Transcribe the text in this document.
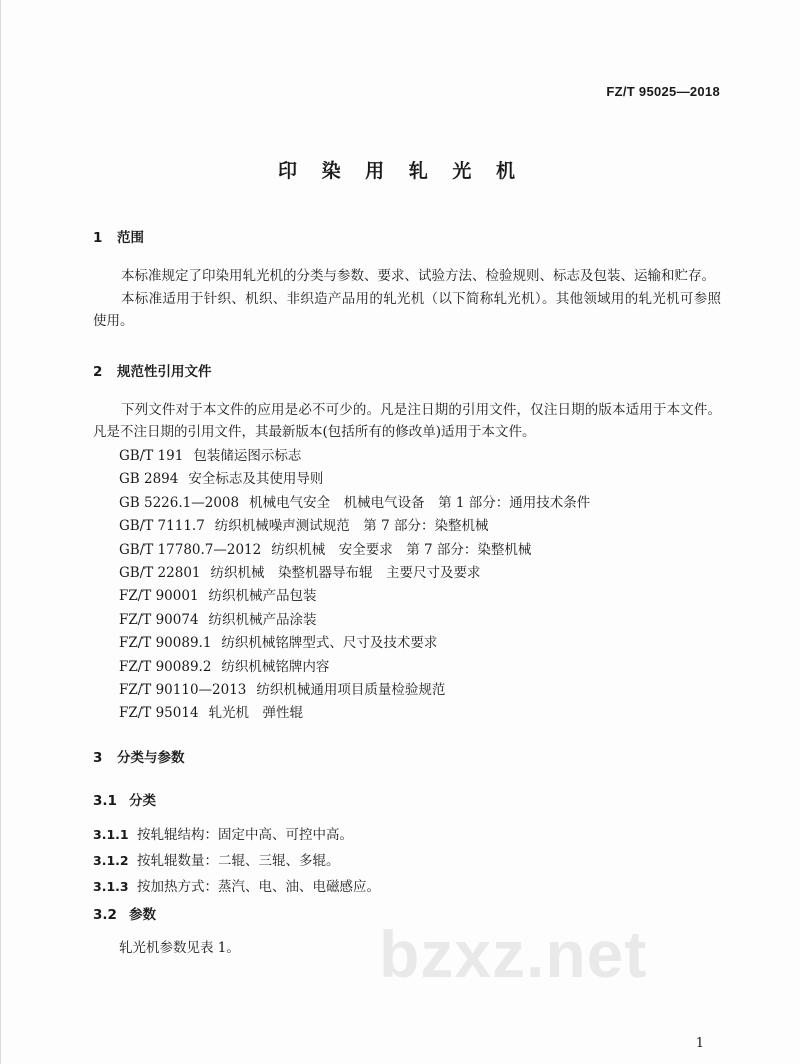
FZ/T 95025—2018
印 染 用 轧 光 机
1 范围
本标准规定了印染用轧光机的分类与参数、要求、试验方法、检验规则、标志及包装、运输和贮存。
本标准适用于针织、机织、非织造产品用的轧光机（以下简称轧光机）。其他领域用的轧光机可参照使用。
2 规范性引用文件
下列文件对于本文件的应用是必不可少的。凡是注日期的引用文件，仅注日期的版本适用于本文件。凡是不注日期的引用文件，其最新版本(包括所有的修改单)适用于本文件。
GB/T 191 包装储运图示标志
GB 2894 安全标志及其使用导则
GB 5226.1—2008 机械电气安全　机械电气设备　第 1 部分：通用技术条件
GB/T 7111.7 纺织机械噪声测试规范　第 7 部分：染整机械
GB/T 17780.7—2012 纺织机械　安全要求　第 7 部分：染整机械
GB/T 22801 纺织机械　染整机器导布辊　主要尺寸及要求
FZ/T 90001 纺织机械产品包装
FZ/T 90074 纺织机械产品涂装
FZ/T 90089.1 纺织机械铭牌型式、尺寸及技术要求
FZ/T 90089.2 纺织机械铭牌内容
FZ/T 90110—2013 纺织机械通用项目质量检验规范
FZ/T 95014 轧光机　弹性辊
3 分类与参数
3.1 分类
3.1.1 按轧辊结构：固定中高、可控中高。
3.1.2 按轧辊数量：二辊、三辊、多辊。
3.1.3 按加热方式：蒸汽、电、油、电磁感应。
3.2 参数
轧光机参数见表 1。 bzxz.net
1
